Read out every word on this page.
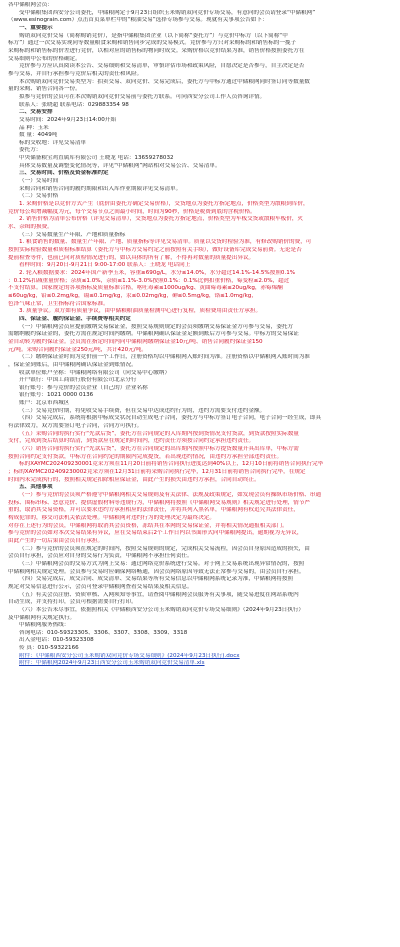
各中储粮网会员：
受中储粮集团西安分公司委托，中储粮网定于9月23日组织玉米购销双向竞价专场交易，有意向的会员请登录“中储粮网”
（www.esinograin.com）点击首页菜单栏中的“粮油交易”选择专场参与交易。现就有关事项公告如下：
一、重要提示
购销双向竞价交易（简称购销竞价），是指中储粮集团企业（以下简称“委托方”）与竞价中标方（以下简称“中
标方”）通过一次交易实现同等数量粮食采购和销售同步完成的交易模式。竞价参与方只对采购标的和销售标的一揽子
采购标的和销售标的价差进行竞价，以相对应的销售标的物同时成交。采购价格以竞价结果为准，销售价格按照委托方在
交易细则中公布的价格确定。
竞价参与方应认真阅读本公告、交易细则和交易清单，审慎评估市场和政策风险，自愿决定是否参与，自主决定是否
参与交易，并自行承担参与竞价后相关的责任和风险。
本次购销双向竞价交易类型为：拍卖交易、双向竞价、交易完成后，委托方与中标方通过中储粮网同时签订同等数量数
量的采购、销售合同各一份。
拟参与竞价的会员可在本次购销双向竞价交易前与委托方联系。可向西安分公司工作人员咨询详情。
联系人：张晓超 联系电话：029883354 98
二、交易安排
交易时间：2024年9月23日14:00开始
品 种：玉米
数 量：4049吨
标的交收地：详见交易清单
委托方：
中央储备粮宝鸡直属库有限公司 王晓龙 电话：13659278032
具体交易数量及调整变化情况等，详见“中储粮网”网站相对交易公告、交易清单。
三、交易时间、价格及资金标准约定
（一）交易时间
采购合同和销售合同的履约期限和出入库作业期限详见交易清单。
（二）交易价格
1. 采购价格是以竞价方式产生（底价由委托方确定交易价格），交货地点为委托方指定地点，价格类型为散粮到库价，
竞价每公顷增减幅度为元，每个交易节点之间最小时间，时间为90秒，价格是税费到底的含税价格。
2. 销售价格为清单公布价格（详见交易清单），交货地点为委托方指定地点，价格类型为车板交货或散粮车板价，火
水、杂缉的损费。
（三）交易数量生产年限、产地和质量指标
1. 粮食销售的数量、数量生产年限、产地、质量指标等详见交易清单。质量以交货时检验为准，有修改购销价的费，可
按照实际检验数量和质检标准结算（委托方与中标方交易约定之前按照有关手续），做好设备库完成交易前费。无论是否
提前检查等件，也前已向对质检情况进行的，如以具体的所有了解，不得再对数量的质量提出异议。
看样时间：9月20日-9月21日 9:00-17:00 联系人：王晓龙 电话同上
2. 轮入粮数据要求：2024年国产新季玉米，容重≥690g/L，水分≤14.0%，水分超过14.1%-14.5%按照0.1%
：0.12%扣减重量价格；杂质≤1.0%，杂质≤1.1%-3.0%按照0.1%：0.1%比例扣重价格，霉变粒≤2.0%，超过
不支付结算。国家规定的各项指标及质量标准合格，呕吐毒素≤1000ug/kg、黄曲霉毒素≤20ug/kg，赤霉烯酮
≤60ug/kg，铅≤0.2mg/kg，镉≤0.1mg/kg，汞≤0.02mg/kg，砷≤0.5mg/kg，铬≤1.0mg/kg，
色泽气味正常，卫生指标符合国家标准。
3. 质量争议。双方如有质量争议，由中储粮粮油质量检测中心进行复检，质检费用由责任方承担。
四、保证金、履约保证金、手续费等相关约定
（一）中储粮网会员应提前缴纳交易保证金，按照交易规则规定的会员须缴纳交易保证金方可参与交易，委托方
需缴纳履约保证金的，委托方需在规定时间内缴纳。中储粮网确认保证金足额到账后方可参与交易。中标方的交易保证
金自动转为履约保证金。会员需在指定时间内向中储粮网缴纳保证金10元/吨、销售合同履约保证金150
元/吨。采购合同履约保证金250元/吨，共计420元/吨。
（二）缴纳保证金时间为竞价前一个工作日，注册资格均以中储粮网入账时间为准。注册资格以中储粮网入账时间为准
，保证金到账后，由中储粮网确认保证金到账情况。
收款单位账户全称：中储粮网络有限公司（向交易中心缴纳）
开户银行：中国工商银行股份有限公司北京分行
银行账号：参与竞价的会员企业（自己的）企业名称
银行账号：1021 0000 0136
账户：北京市西城区
（三）交易竞价时期，将免收交易手续费，但在交易中达成违约行为的，违约方需要支付违约金额。
（四）交易完成后，系统将根据中标成交状况自动生成电子合同，委托方与中标方签订电子合同，电子合同一经生成，即具
有法律效力，双方需要签订电子合同，合同方可执行。
（五）采购合同的执行实行“先款后货”，委托方在合同规定的入库期内按到货情况支付货款，到货款按照实际数量
支付，完成到货后结算时结清，到货款应在规定的时间内，违约责任方须按合同约定承担违约责任。
（六）销售合同的执行实行“先款后货”，委托方在合同规定的出库期内按照中标方提货数量开具出库单，中标方需
按照合同约定支付货款，中标方在合同约定的期限内完成提货，若出现违约情况，由违约方承担全部违约责任。
标的XAYMC202409230001竞采方须在11月20日前将销售合同执行进度达到40%以上，12月10日前将销售合同执行完毕
；标的XAYMC202409230002竞采方须在12月31日前将采购合同执行完毕，12月31日前将销售合同执行完毕，在规定
时间内未完成执行的，按照相关规定扣除相应保证金，由此产生的损失由违约方承担，合同自动终止。
五、其他事项
（一）参与竞价的会员须严格遵守中储粮网相关交易规则及有关法律、法规及政策规定，如发现会员有操纵市场价格、串通
投标、围标串标、恶意竞价、提供虚假材料等违规行为，中储粮网将按照《中储粮网交易规则》相关规定进行处理，情节严
重的，取消其交易资格，并可以要求违约方承担相应的法律责任，并将其列入黑名单，中储粮网有权追究其法律责任，
构成犯罪的，移交司法机关依法处理。中储粮网对违约行为的处理决定为最终决定。
对存在上述行为的会员，中储粮网将取消其会员资格，冻结其在本网的交易保证金，并将相关情况通报相关部门。
参与竞价的会员如对本次交易结果有异议，应在交易结束后2个工作日内以书面形式向中储粮网提出，逾期视为无异议，
由此产生的一切后果由会员自行承担。
（二）参与竞价的会员须在规定的时间内，按照交易规则的规定，完成相关交易流程，因会员自身原因造成的损失，由
会员自行承担，会员应对自身的交易行为负责，中储粮网不承担任何责任。
（三）中储粮网会员的交易方式为网上交易：通过网络竞价系统进行交易。对于网上交易系统出现异常情况的，按照
中储粮网相关规定处理。会员参与交易时应确保网络畅通，因会员网络原因导致无法正常参与交易的，由会员自行承担。
（四）交易完成后，成交合同、成交清单、交易结果等所有交易信息以中储粮网系统记录为准，中储粮网将按照
规定对交易信息进行公示，会员可登录中储粮网查看交易结果及相关信息。
（五）有关会员注册、资质审核、入网须知等事宜，请查阅中储粮网会员服务有关事项，随交易进度在网站系统内
自动生成，并支持打印，会员可根据需要自行打印。
（六）本公告未尽事宜，依据照相关《中储粮西安分公司玉米购销双向竞价专场交易细则》（2024年9月23日执行）
及中储粮网有关规定执行。
中储粮网服务热线：
咨询电话：010-59323305、3306、3307、3308、3309、3318
出入金电话：010-59323308
传 真：010-59322166
附件：《中储粮西安分公司玉米购销双向竞价专场交易细则》(2024年9月23日执行).docx
附件：中储粮网2024年9月23日西安分公司玉米购销双向竞价交易清单.xls
